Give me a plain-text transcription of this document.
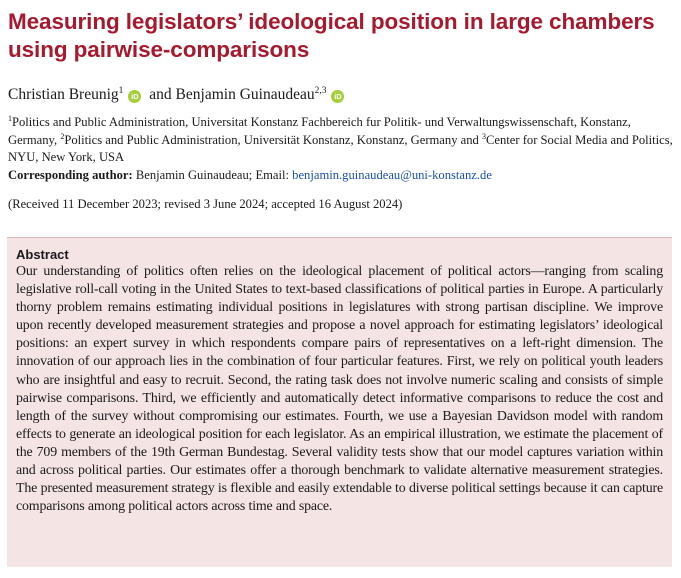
Measuring legislators’ ideological position in large chambers using pairwise-comparisons
Christian Breunig$^1$iD and Benjamin Guinaudeau$^{2,3}$iD
$^1$Politics and Public Administration, Universitat Konstanz Fachbereich fur Politik- und Verwaltungswissenschaft, Konstanz, Germany, $^2$Politics and Public Administration, Universität Konstanz, Konstanz, Germany and $^3$Center for Social Media and Politics, NYU, New York, USA
Corresponding author: Benjamin Guinaudeau; Email: benjamin.guinaudeau@uni-konstanz.de
(Received 11 December 2023; revised 3 June 2024; accepted 16 August 2024)
Abstract

Our understanding of politics often relies on the ideological placement of political actors—ranging from scaling legislative roll-call voting in the United States to text-based classifications of political parties in Europe. A particularly thorny problem remains estimating individual positions in legislatures with strong partisan discipline. We improve upon recently developed measurement strategies and propose a novel approach for estimating legislators’ ideological positions: an expert survey in which respondents compare pairs of representatives on a left-right dimension. The innovation of our approach lies in the combination of four particular features. First, we rely on political youth leaders who are insightful and easy to recruit. Second, the rating task does not involve numeric scaling and consists of simple pairwise comparisons. Third, we efficiently and automatically detect informative comparisons to reduce the cost and length of the survey without compromising our estimates. Fourth, we use a Bayesian Davidson model with random effects to generate an ideological position for each legislator. As an empirical illustration, we estimate the placement of the 709 members of the 19th German Bundestag. Several validity tests show that our model captures variation within and across political parties. Our estimates offer a thorough benchmark to validate alternative measurement strategies. The presented measurement strategy is flexible and easily extendable to diverse political settings because it can capture comparisons among political actors across time and space.
